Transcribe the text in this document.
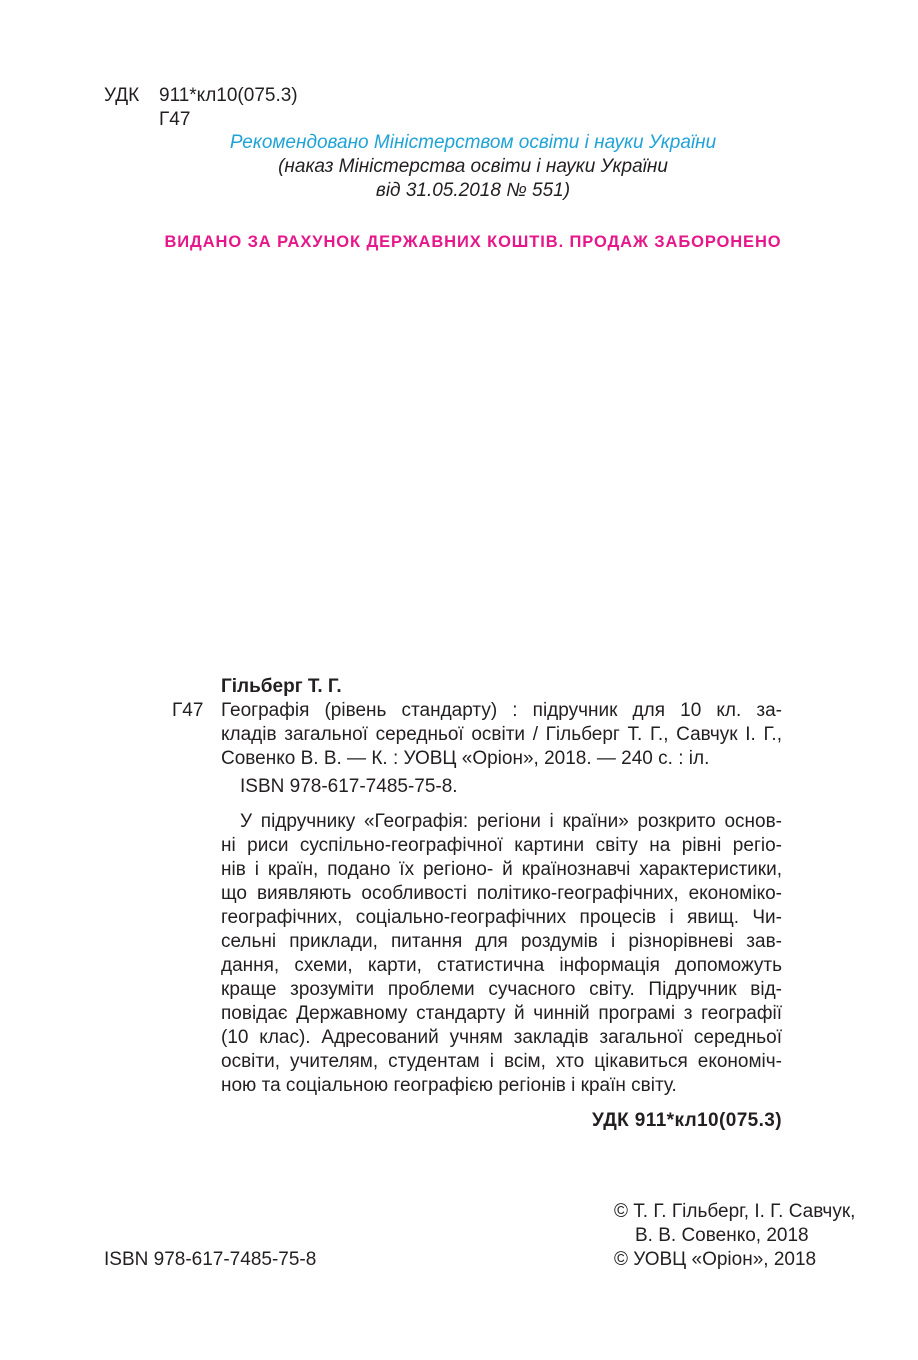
УДК 911*кл10(075.3)
Г47
Рекомендовано Міністерством освіти і науки України
(наказ Міністерства освіти і науки України
від 31.05.2018 № 551)
ВИДАНО ЗА РАХУНОК ДЕРЖАВНИХ КОШТІВ. ПРОДАЖ ЗАБОРОНЕНО
Гільберг Т. Г.
Г47 Географія (рівень стандарту) : підручник для 10 кл. за-
кладів загальної середньої освіти / Гільберг Т. Г., Савчук І. Г.,
Совенко В. В. — К. : УОВЦ «Оріон», 2018. — 240 с. : іл.
ISBN 978-617-7485-75-8.
У підручнику «Географія: регіони і країни» розкрито основ-
ні риси суспільно-географічної картини світу на рівні регіо-
нів і країн, подано їх регіоно- й країнознавчі характеристики,
що виявляють особливості політико-географічних, економіко-
географічних, соціально-географічних процесів і явищ. Чи-
сельні приклади, питання для роздумів і різнорівневі зав-
дання, схеми, карти, статистична інформація допоможуть
краще зрозуміти проблеми сучасного світу. Підручник від-
повідає Державному стандарту й чинній програмі з географії
(10 клас). Адресований учням закладів загальної середньої
освіти, учителям, студентам і всім, хто цікавиться економіч-
ною та соціальною географією регіонів і країн світу.
УДК 911*кл10(075.3)
ISBN 978-617-7485-75-8
© Т. Г. Гільберг, І. Г. Савчук,
В. В. Совенко, 2018
© УОВЦ «Оріон», 2018
